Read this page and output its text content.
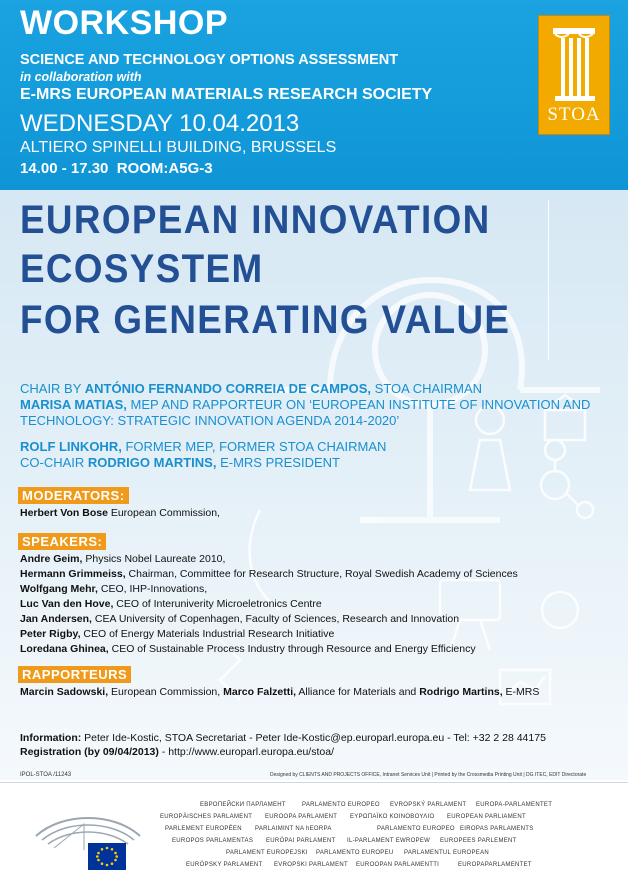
WORKSHOP
SCIENCE AND TECHNOLOGY OPTIONS ASSESSMENT
in collaboration with
E-MRS EUROPEAN MATERIALS RESEARCH SOCIETY
WEDNESDAY 10.04.2013
ALTIERO SPINELLI BUILDING, BRUSSELS
14.00 - 17.30 ROOM:A5G-3
STOA
EUROPEAN INNOVATION
ECOSYSTEM
FOR GENERATING VALUE
CHAIR BY ANTÓNIO FERNANDO CORREIA DE CAMPOS, STOA CHAIRMAN
MARISA MATIAS, MEP AND RAPPORTEUR ON ‘EUROPEAN INSTITUTE OF INNOVATION AND
TECHNOLOGY: STRATEGIC INNOVATION AGENDA 2014-2020’
ROLF LINKOHR, FORMER MEP, FORMER STOA CHAIRMAN
CO-CHAIR RODRIGO MARTINS, E-MRS PRESIDENT
MODERATORS:
Herbert Von Bose European Commission,
SPEAKERS:
Andre Geim, Physics Nobel Laureate 2010,
Hermann Grimmeiss, Chairman, Committee for Research Structure, Royal Swedish Academy of Sciences
Wolfgang Mehr, CEO, IHP-Innovations,
Luc Van den Hove, CEO of Interuniverity Microeletronics Centre
Jan Andersen, CEA University of Copenhagen, Faculty of Sciences, Research and Innovation
Peter Rigby, CEO of Energy Materials Industrial Research Initiative
Loredana Ghinea, CEO of Sustainable Process Industry through Resource and Energy Efficiency
RAPPORTEURS
Marcin Sadowski, European Commission, Marco Falzetti, Alliance for Materials and Rodrigo Martins, E-MRS
Information: Peter Ide-Kostic, STOA Secretariat - Peter Ide-Kostic@ep.europarl.europa.eu - Tel: +32 2 28 44175
Registration (by 09/04/2013) - http://www.europarl.europa.eu/stoa/
IPOL-STOA /11243	Designed by CLIENTS AND PROJECTS OFFICE, Intranet Services Unit | Printed by the Crossmedia Printing Unit | DG ITEC, EDIT Directorate
ЕВРОПЕЙСКИ ПАРЛАМЕНТ	PARLAMENTO EUROPEO EVROPSKÝ PARLAMENT EUROPA-PARLAMENTET
EUROPÄISCHES PARLAMENT EUROOPA PARLAMENT ΕΥΡΩΠΑΪΚΟ ΚΟΙΝΟΒΟΥΛΙΟ EUROPEAN PARLIAMENT
PARLEMENT EUROPÉEN PARLAIMINT NA hEORPA	PARLAMENTO EUROPEO EIROPAS PARLAMENTS
EUROPOS PARLAMENTAS EURÓPAI PARLAMENT IL-PARLAMENT EWROPEW EUROPEES PARLEMENT
PARLAMENT EUROPEJSKI PARLAMENTO EUROPEU PARLAMENTUL EUROPEAN
EURÓPSKY PARLAMENT EVROPSKI PARLAMENT EUROOPAN PARLAMENTTI	EUROPAPARLAMENTET
